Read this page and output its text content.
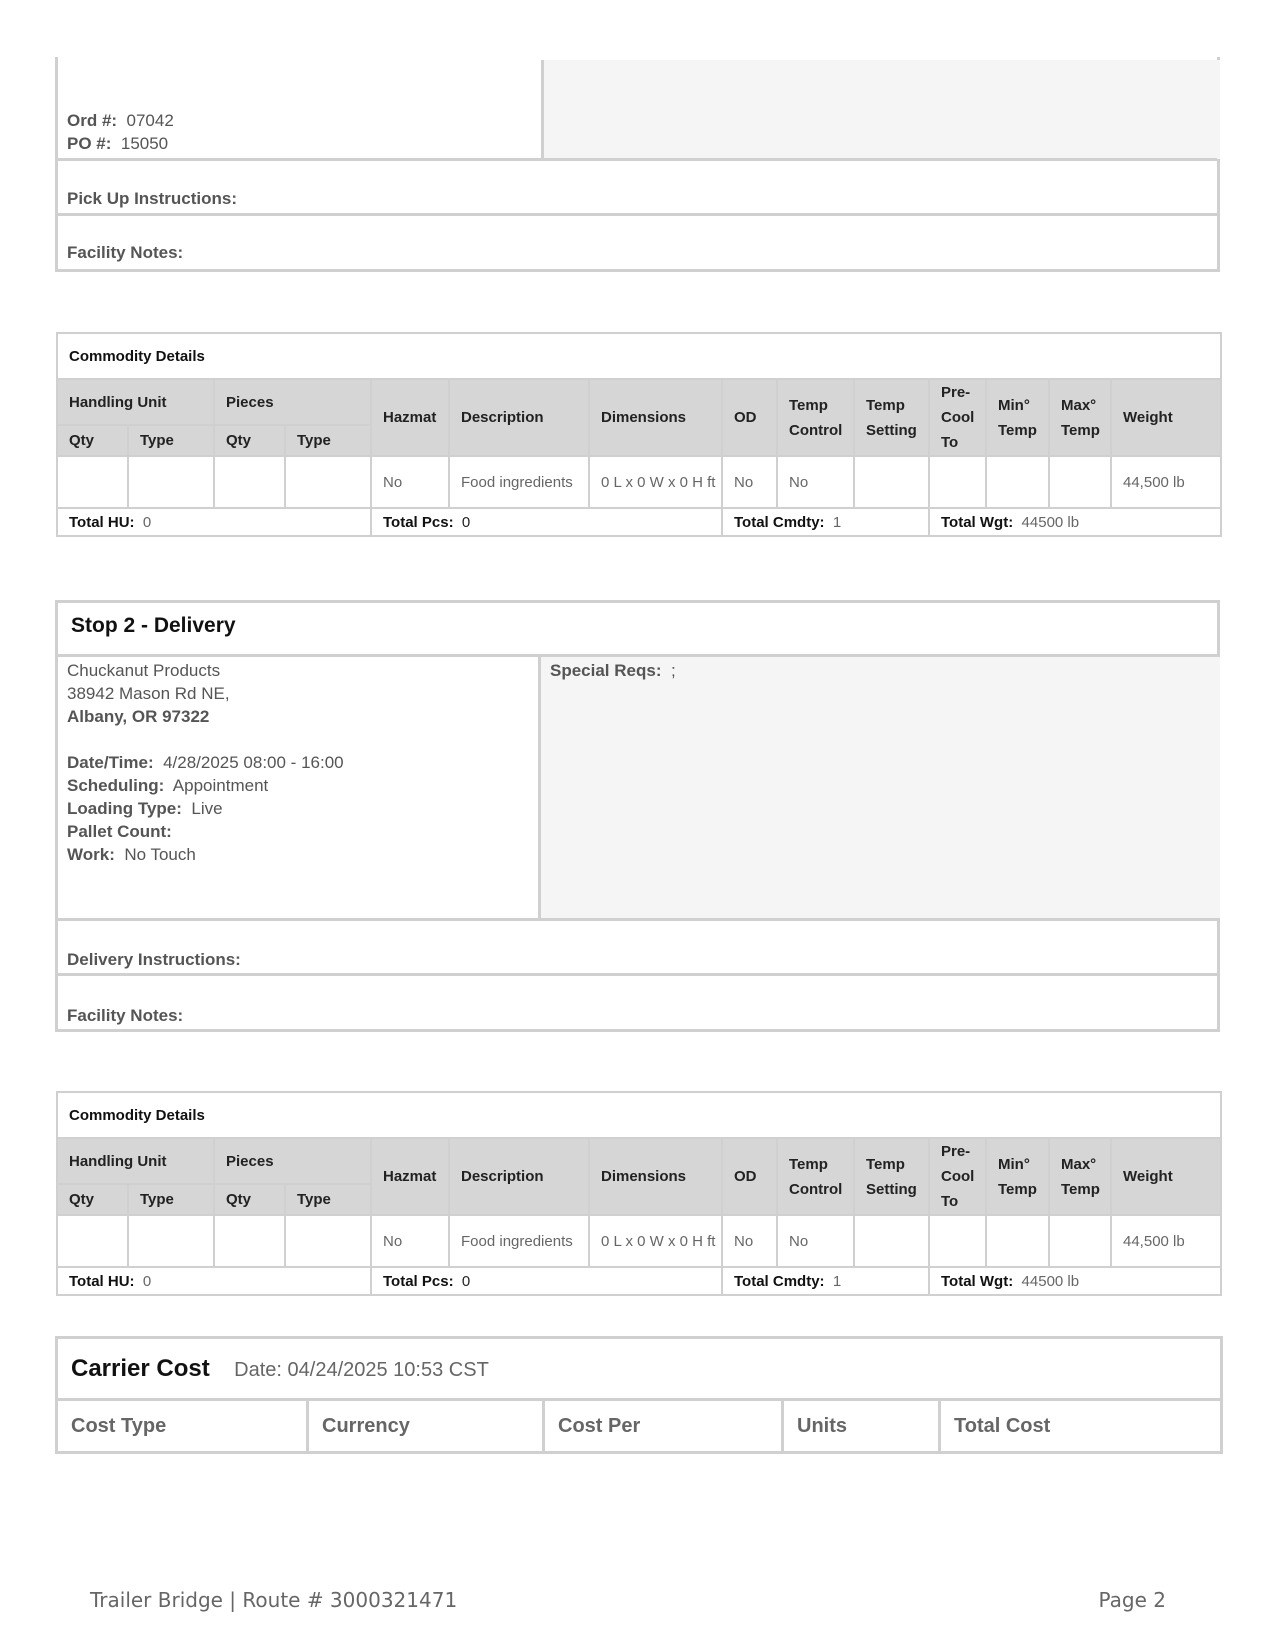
Ord #: 07042
PO #: 15050
Pick Up Instructions:
Facility Notes:
Commodity Details													
Handling Unit		Pieces		Hazmat	Description	Dimensions	OD	Temp Control	Temp Setting	Pre-Cool To	Min° Temp	Max° Temp	Weight
Qty	Type	Qty	Type										
				No	Food ingredients	0 L x 0 W x 0 H ft	No	No					44,500 lb
Total HU: 0				Total Pcs: 0			Total Cmdty: 1			Total Wgt: 44500 lb			
Stop 2 - Delivery
Chuckanut Products
38942 Mason Rd NE,
Albany, OR 97322
Date/Time: 4/28/2025 08:00 - 16:00
Scheduling: Appointment
Loading Type: Live
Pallet Count:
Work: No Touch
Special Reqs: ;
Delivery Instructions:
Facility Notes:
Commodity Details													
Handling Unit		Pieces		Hazmat	Description	Dimensions	OD	Temp Control	Temp Setting	Pre-Cool To	Min° Temp	Max° Temp	Weight
Qty	Type	Qty	Type										
				No	Food ingredients	0 L x 0 W x 0 H ft	No	No					44,500 lb
Total HU: 0				Total Pcs: 0			Total Cmdty: 1			Total Wgt: 44500 lb			
Carrier Cost Date: 04/24/2025 10:53 CST
Cost Type	Currency	Cost Per	Units	Total Cost
Trailer Bridge | Route # 3000321471	Page 2
